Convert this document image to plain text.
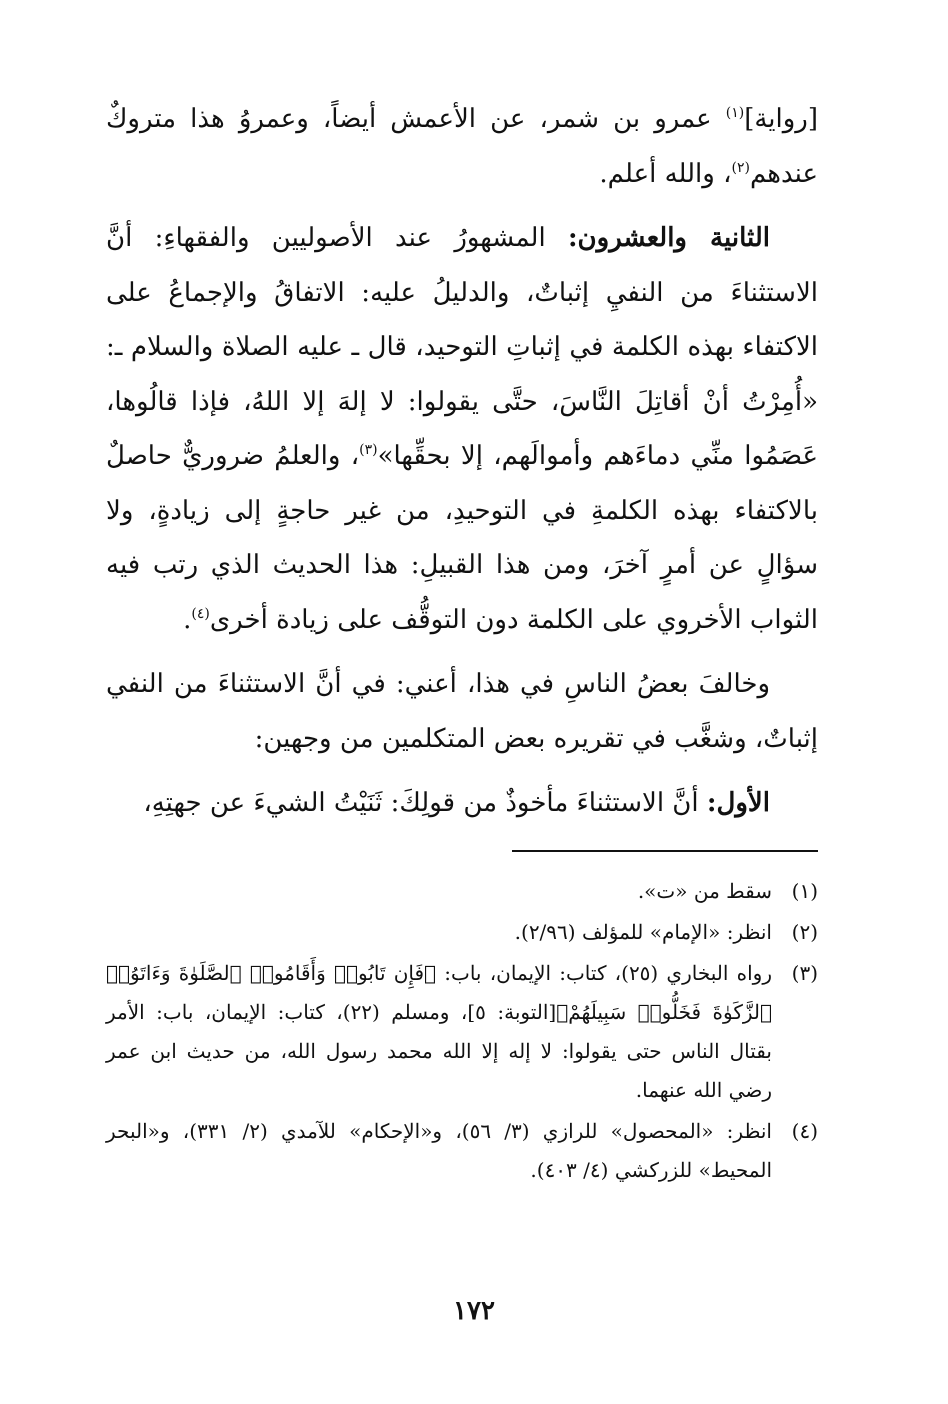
[رواية]$^{(١)}$ عمرو بن شمر، عن الأعمش أيضاً، وعمروُ هذا متروكٌ عندهم$^{(٢)}$، والله أعلم.

الثانية والعشرون: المشهورُ عند الأصوليين والفقهاءِ: أنَّ الاستثناءَ من النفيِ إثباتٌ، والدليلُ عليه: الاتفاقُ والإجماعُ على الاكتفاء بهذه الكلمة في إثباتِ التوحيد، قال ـ عليه الصلاة والسلام ـ: «أُمِرْتُ أنْ أقاتِلَ النَّاسَ، حتَّى يقولوا: لا إلهَ إلا اللهُ، فإذا قالُوها، عَصَمُوا منِّي دماءَهم وأموالَهم، إلا بحقِّها»$^{(٣)}$، والعلمُ ضروريٌّ حاصلٌ بالاكتفاء بهذه الكلمةِ في التوحيدِ، من غير حاجةٍ إلى زيادةٍ، ولا سؤالٍ عن أمرٍ آخرَ، ومن هذا القبيلِ: هذا الحديث الذي رتب فيه الثواب الأخروي على الكلمة دون التوقُّف على زيادة أخرى$^{(٤)}$.

وخالفَ بعضُ الناسِ في هذا، أعني: في أنَّ الاستثناءَ من النفي إثباتٌ، وشغَّب في تقريره بعض المتكلمين من وجهين:

الأول: أنَّ الاستثناءَ مأخوذٌ من قولِكَ: ثَنَيْتُ الشيءَ عن جهتِهِ،

(١)
سقط من «ت».
(٢)
انظر: «الإمام» للمؤلف (٢/٩٦).
(٣)
رواه البخاري (٢٥)، كتاب: الإيمان، باب: ﴿فَإِن تَابُوا۟ وَأَقَامُوا۟ ٱلصَّلَوٰةَ وَءَاتَوُا۟ ٱلزَّكَوٰةَ فَخَلُّوا۟ سَبِيلَهُمْ﴾[التوبة: ٥]، ومسلم (٢٢)، كتاب: الإيمان، باب: الأمر بقتال الناس حتى يقولوا: لا إله إلا الله محمد رسول الله، من حديث ابن عمر رضي الله عنهما.
(٤)
انظر: «المحصول» للرازي (٣/ ٥٦)، و«الإحكام» للآمدي (٢/ ٣٣١)، و«البحر المحيط» للزركشي (٤/ ٤٠٣).
١٧٢
